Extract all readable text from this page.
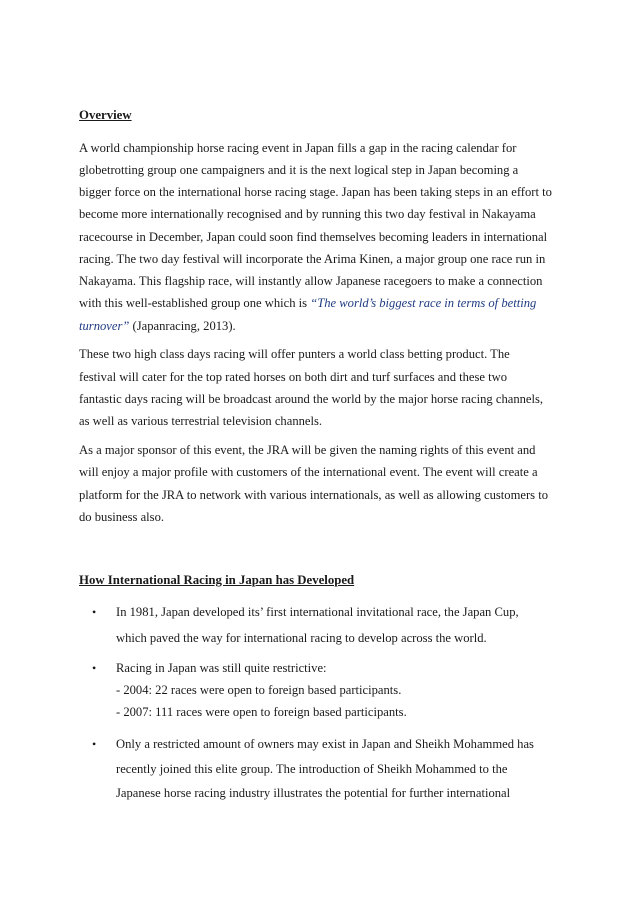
Overview
A world championship horse racing event in Japan fills a gap in the racing calendar for
globetrotting group one campaigners and it is the next logical step in Japan becoming a
bigger force on the international horse racing stage. Japan has been taking steps in an effort to
become more internationally recognised and by running this two day festival in Nakayama
racecourse in December, Japan could soon find themselves becoming leaders in international
racing. The two day festival will incorporate the Arima Kinen, a major group one race run in
Nakayama. This flagship race, will instantly allow Japanese racegoers to make a connection
with this well-established group one which is “The world’s biggest race in terms of betting
turnover” (Japanracing, 2013).
These two high class days racing will offer punters a world class betting product. The
festival will cater for the top rated horses on both dirt and turf surfaces and these two
fantastic days racing will be broadcast around the world by the major horse racing channels,
as well as various terrestrial television channels.
As a major sponsor of this event, the JRA will be given the naming rights of this event and
will enjoy a major profile with customers of the international event. The event will create a
platform for the JRA to network with various internationals, as well as allowing customers to
do business also.
How International Racing in Japan has Developed
• In 1981, Japan developed its’ first international invitational race, the Japan Cup,
which paved the way for international racing to develop across the world.
• Racing in Japan was still quite restrictive:
- 2004: 22 races were open to foreign based participants.
- 2007: 111 races were open to foreign based participants.
• Only a restricted amount of owners may exist in Japan and Sheikh Mohammed has
recently joined this elite group. The introduction of Sheikh Mohammed to the
Japanese horse racing industry illustrates the potential for further international
